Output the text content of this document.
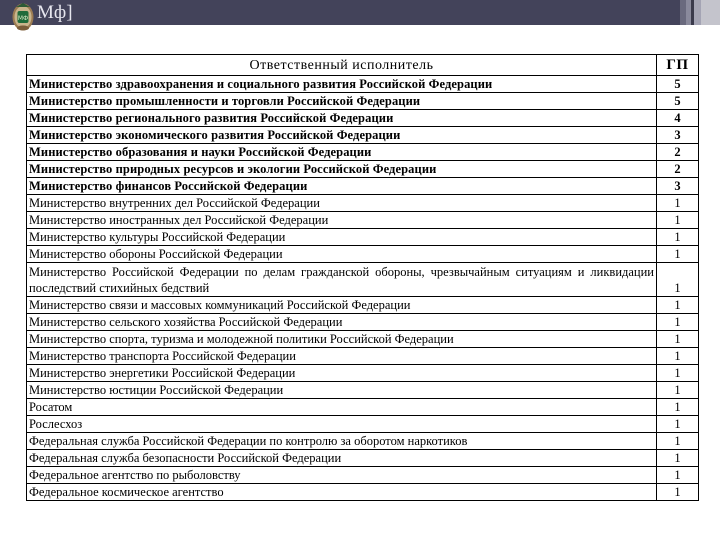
МФ Мф]
Ответственный исполнитель	ГП
Министерство здравоохранения и социального развития Российской Федерации	5
Министерство промышленности и торговли Российской Федерации	5
Министерство регионального развития Российской Федерации	4
Министерство экономического развития Российской Федерации	3
Министерство образования и науки Российской Федерации	2
Министерство природных ресурсов и экологии Российской Федерации	2
Министерство финансов Российской Федерации	3
Министерство внутренних дел Российской Федерации	1
Министерство иностранных дел Российской Федерации	1
Министерство культуры Российской Федерации	1
Министерство обороны Российской Федерации	1
Министерство Российской Федерации по делам гражданской обороны, чрезвычайным ситуациям и ликвидации последствий стихийных бедствий	1
Министерство связи и массовых коммуникаций Российской Федерации	1
Министерство сельского хозяйства Российской Федерации	1
Министерство спорта, туризма и молодежной политики Российской Федерации	1
Министерство транспорта Российской Федерации	1
Министерство энергетики Российской Федерации	1
Министерство юстиции Российской Федерации	1
Росатом	1
Рослесхоз	1
Федеральная служба Российской Федерации по контролю за оборотом наркотиков	1
Федеральная служба безопасности Российской Федерации	1
Федеральное агентство по рыболовству	1
Федеральное космическое агентство	1
